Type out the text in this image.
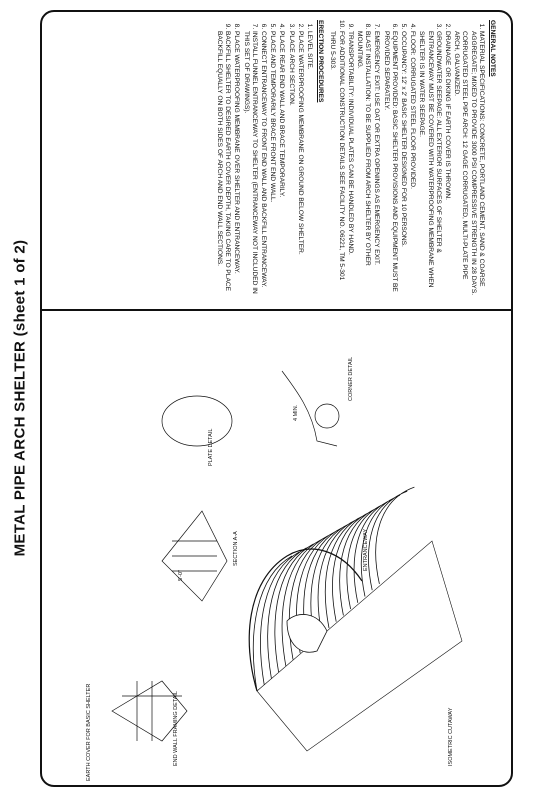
METAL PIPE ARCH SHELTER (sheet 1 of 2)
GENERAL NOTES
1. MATERIAL SPECIFICATIONS: CONCRETE, PORTLAND CEMENT, SAND & COARSE AGGREGATE; MIXED TO PROVIDE 3000 PSI COMPRESSIVE STRENGTH IN 28 DAYS. CORRUGATED STEEL PIPE ARCH: 12 GAGE CORRUGATED, MULTI-PLATE PIPE ARCH, GALVANIZED.
2. DRAINAGE OR DIKING IF EARTH COVER IS THROWN.
3. GROUNDWATER SEEPAGE: ALL EXTERIOR SURFACES OF SHELTER & ENTRANCEWAY MUST BE COVERED WITH WATERPROOFING MEMBRANE WHEN SHELTER IS IN WATER SEEPAGE.
4. FLOOR: CORRUGATED STEEL FLOOR PROVIDED.
5. OCCUPANCY: 12' x 2' BASIC SHELTER DESIGNED FOR 10 PERSONS.
6. EQUIPMENT PROVIDED: BASIC SHELTER PROVISIONS AND EQUIPMENT MUST BE PROVIDED SEPARATELY.
7. EMERGENCY EXIT: USE OAT OR EXTRA OPENINGS AS EMERGENCY EXIT.
8. BLAST INSTALLATION: TO BE SUPPLIED FROM ARCH SHELTER BY OTHER MOUNTING.
9. TRANSPORTABILITY: INDIVIDUAL PLATES CAN BE HANDLED BY HAND.
10. FOR ADDITIONAL CONSTRUCTION DETAILS SEE FACILITY NO. 06221, TM 5-301 THRU 5-303.
ERECTION PROCEDURES
1. LEVEL SITE.
2. PLACE WATERPROOFING MEMBRANE ON GROUND BELOW SHELTER.
3. PLACE ARCH SECTION.
4. PLACE REAR END WALL AND BRACE TEMPORARILY.
5. PLACE AND TEMPORARILY BRACE FRONT END WALL.
6. CONNECT ENTRANCEWAY TO FRONT END WALL AND BACKFILL ENTRANCEWAY.
7. INSTALL FUNNEL ENTRANCEWAY TO SHELTER (ENTRANCEWAY NOT INCLUDED IN THIS SET OF DRAWINGS).
8. PLACE WATERPROOFING MEMBRANE OVER SHELTER AND ENTRANCEWAY.
9. BACKFILL SHELTER TO DESIRED EARTH COVER DEPTH, TAKING CARE TO PLACE BACKFILL EQUALLY ON BOTH SIDES OF ARCH AND END WALL SECTIONS.
ISOMETRIC CUTAWAY
SECTION A-A
END WALL FRAMING DETAIL
PLATE DETAIL
CORNER DETAIL
EARTH COVER FOR BASIC SHELTER
4 MIN.
5'-0"
ENTRANCEWAY
